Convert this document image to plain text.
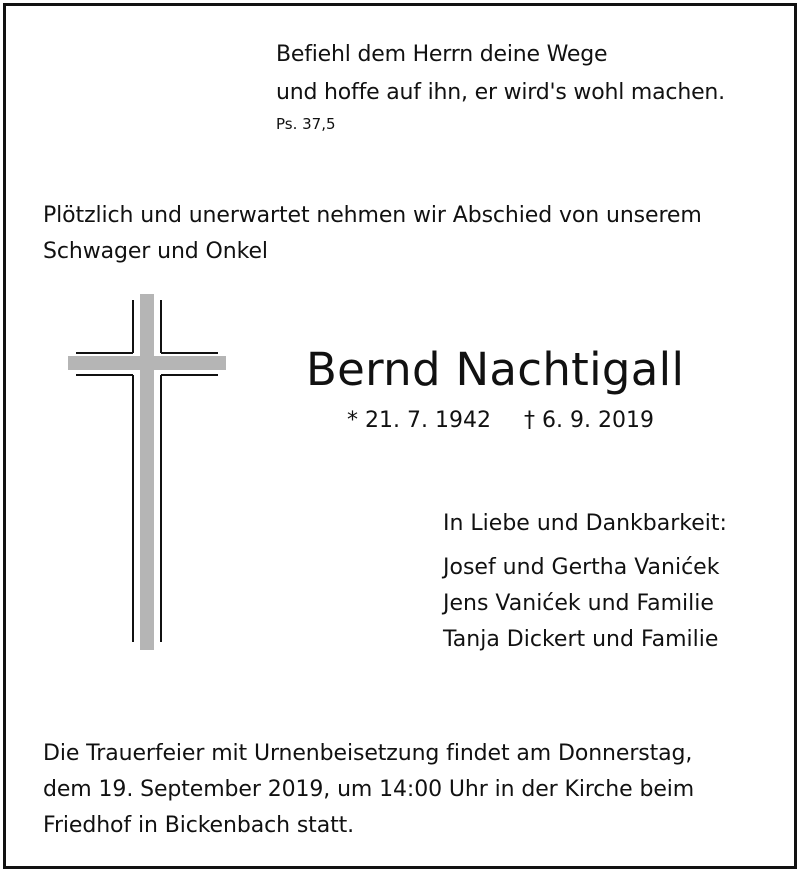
Befiehl dem Herrn deine Wege
und hoffe auf ihn, er wird's wohl machen.
Ps. 37,5
Plötzlich und unerwartet nehmen wir Abschied von unserem
Schwager und Onkel
Bernd Nachtigall
* 21. 7. 1942 † 6. 9. 2019
In Liebe und Dankbarkeit:
Josef und Gertha Vanićek
Jens Vanićek und Familie
Tanja Dickert und Familie
Die Trauerfeier mit Urnenbeisetzung findet am Donnerstag,
dem 19. September 2019, um 14:00 Uhr in der Kirche beim
Friedhof in Bickenbach statt.
